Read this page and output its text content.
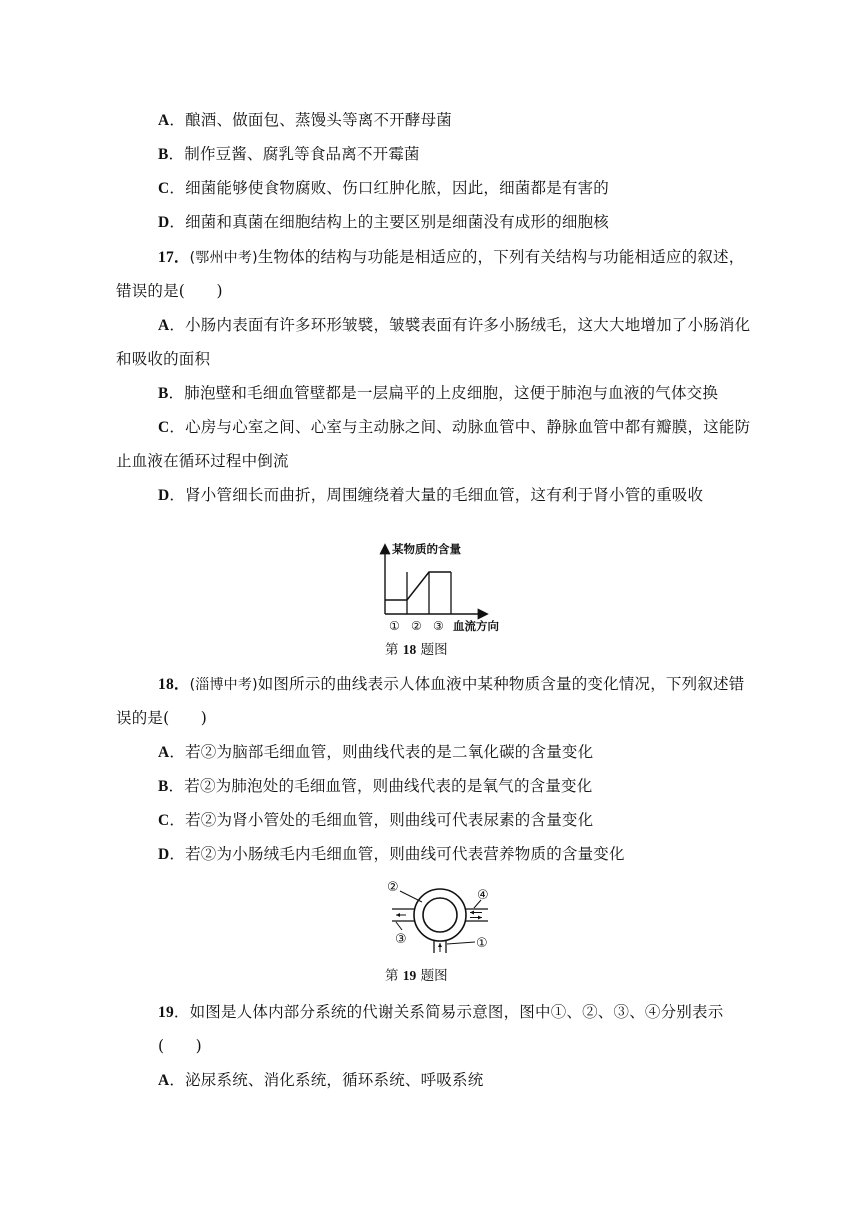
A．酿酒、做面包、蒸馒头等离不开酵母菌
B．制作豆酱、腐乳等食品离不开霉菌
C．细菌能够使食物腐败、伤口红肿化脓，因此，细菌都是有害的
D．细菌和真菌在细胞结构上的主要区别是细菌没有成形的细胞核
17．(鄂州中考)生物体的结构与功能是相适应的，下列有关结构与功能相适应的叙述，
错误的是(　　)
A．小肠内表面有许多环形皱襞，皱襞表面有许多小肠绒毛，这大大地增加了小肠消化
和吸收的面积
B．肺泡壁和毛细血管壁都是一层扁平的上皮细胞，这便于肺泡与血液的气体交换
C．心房与心室之间、心室与主动脉之间、动脉血管中、静脉血管中都有瓣膜，这能防
止血液在循环过程中倒流
D．肾小管细长而曲折，周围缠绕着大量的毛细血管，这有利于肾小管的重吸收
某物质的含量
① ② ③ 血流方向
第 18 题图
18．(淄博中考)如图所示的曲线表示人体血液中某种物质含量的变化情况，下列叙述错
误的是(　　)
A．若②为脑部毛细血管，则曲线代表的是二氧化碳的含量变化
B．若②为肺泡处的毛细血管，则曲线代表的是氧气的含量变化
C．若②为肾小管处的毛细血管，则曲线可代表尿素的含量变化
D．若②为小肠绒毛内毛细血管，则曲线可代表营养物质的含量变化
②
④
③	①
第 19 题图
19．如图是人体内部分系统的代谢关系简易示意图，图中①、②、③、④分别表示
(　　)
A．泌尿系统、消化系统，循环系统、呼吸系统
